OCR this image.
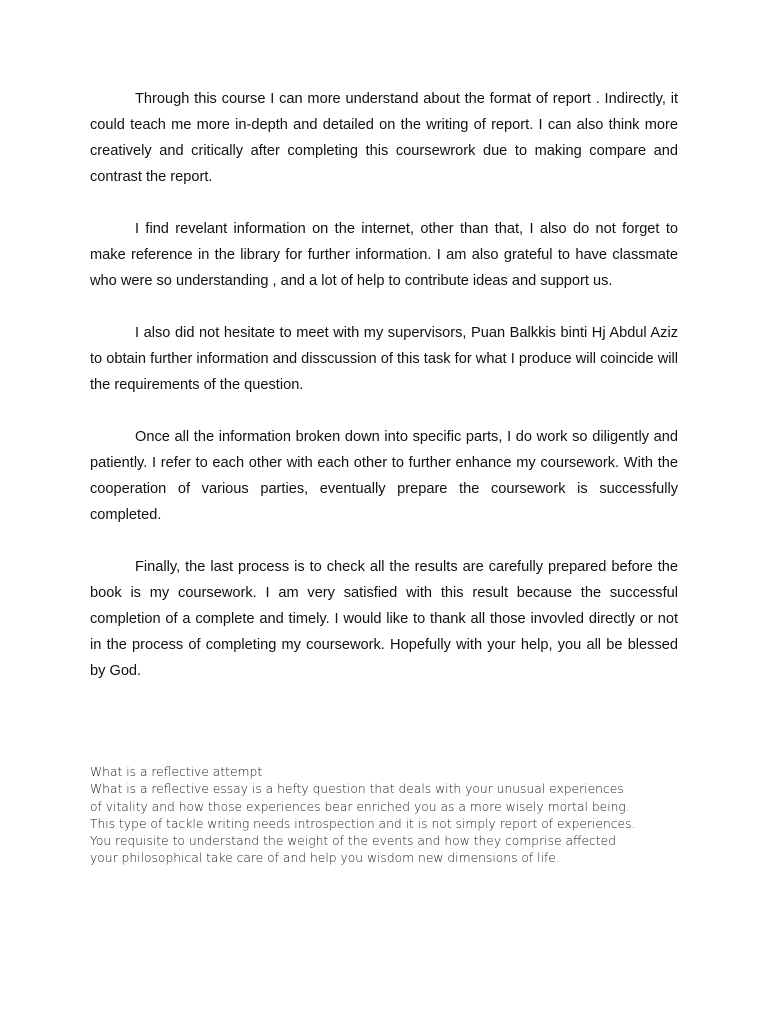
Through this course I can more understand about the format of report . Indirectly, it could teach me more in-depth and detailed on the writing of report. I can also think more creatively and critically after completing this coursewrork due to making compare and contrast the report.

I find revelant information on the internet, other than that, I also do not forget to make reference in the library for further information. I am also grateful to have classmate who were so understanding , and a lot of help to contribute ideas and support us.

I also did not hesitate to meet with my supervisors, Puan Balkkis binti Hj Abdul Aziz to obtain further information and disscussion of this task for what I produce will coincide will the requirements of the question.

Once all the information broken down into specific parts, I do work so diligently and patiently. I refer to each other with each other to further enhance my coursework. With the cooperation of various parties, eventually prepare the coursework is successfully completed.

Finally, the last process is to check all the results are carefully prepared before the book is my coursework. I am very satisfied with this result because the successful completion of a complete and timely. I would like to thank all those invovled directly or not in the process of completing my coursework. Hopefully with your help, you all be blessed by God.

What is a reflective attempt
What is a reflective essay is a hefty question that deals with your unusual experiences
of vitality and how those experiences bear enriched you as a more wisely mortal being.
This type of tackle writing needs introspection and it is not simply report of experiences.
You requisite to understand the weight of the events and how they comprise affected
your philosophical take care of and help you wisdom new dimensions of life.
